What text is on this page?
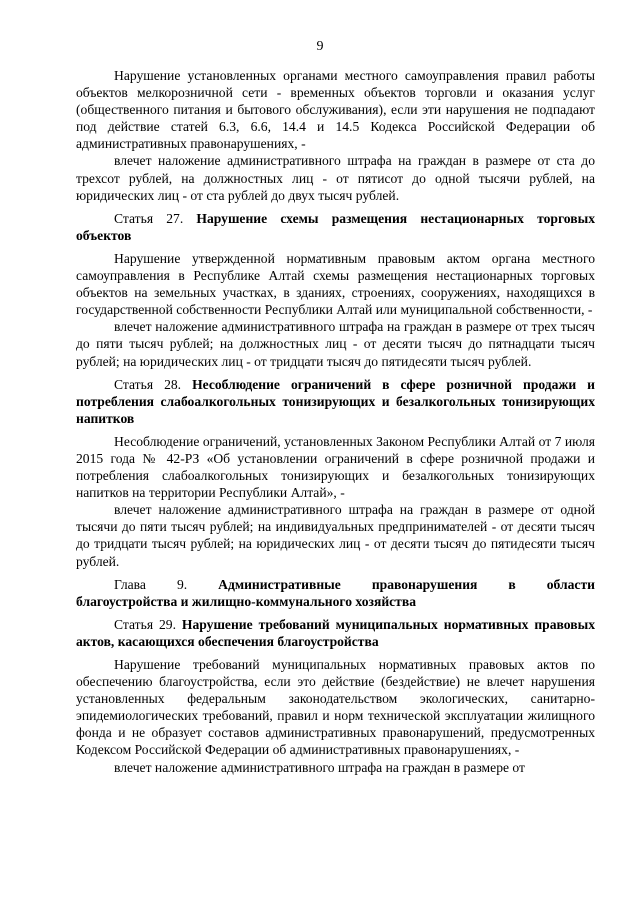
9

Нарушение установленных органами местного самоуправления правил работы объектов мелкорозничной сети - временных объектов торговли и оказания услуг (общественного питания и бытового обслуживания), если эти нарушения не подпадают под действие статей 6.3, 6.6, 14.4 и 14.5 Кодекса Российской Федерации об административных правонарушениях, -

влечет наложение административного штрафа на граждан в размере от ста до трехсот рублей, на должностных лиц - от пятисот до одной тысячи рублей, на юридических лиц - от ста рублей до двух тысяч рублей.

Статья 27. Нарушение схемы размещения нестационарных торговых объектов

Нарушение утвержденной нормативным правовым актом органа местного самоуправления в Республике Алтай схемы размещения нестационарных торговых объектов на земельных участках, в зданиях, строениях, сооружениях, находящихся в государственной собственности Республики Алтай или муниципальной собственности, -

влечет наложение административного штрафа на граждан в размере от трех тысяч до пяти тысяч рублей; на должностных лиц - от десяти тысяч до пятнадцати тысяч рублей; на юридических лиц - от тридцати тысяч до пятидесяти тысяч рублей.

Статья 28. Несоблюдение ограничений в сфере розничной продажи и потребления слабоалкогольных тонизирующих и безалкогольных тонизирующих напитков

Несоблюдение ограничений, установленных Законом Республики Алтай от 7 июля 2015 года № 42-РЗ «Об установлении ограничений в сфере розничной продажи и потребления слабоалкогольных тонизирующих и безалкогольных тонизирующих напитков на территории Республики Алтай», -

влечет наложение административного штрафа на граждан в размере от одной тысячи до пяти тысяч рублей; на индивидуальных предпринимателей - от десяти тысяч до тридцати тысяч рублей; на юридических лиц - от десяти тысяч до пятидесяти тысяч рублей.

Глава 9. Административные правонарушения в области
благоустройства и жилищно-коммунального хозяйства

Статья 29. Нарушение требований муниципальных нормативных правовых актов, касающихся обеспечения благоустройства

Нарушение требований муниципальных нормативных правовых актов по обеспечению благоустройства, если это действие (бездействие) не влечет нарушения установленных федеральным законодательством экологических, санитарно-эпидемиологических требований, правил и норм технической эксплуатации жилищного фонда и не образует составов административных правонарушений, предусмотренных Кодексом Российской Федерации об административных правонарушениях, -

влечет наложение административного штрафа на граждан в размере от
